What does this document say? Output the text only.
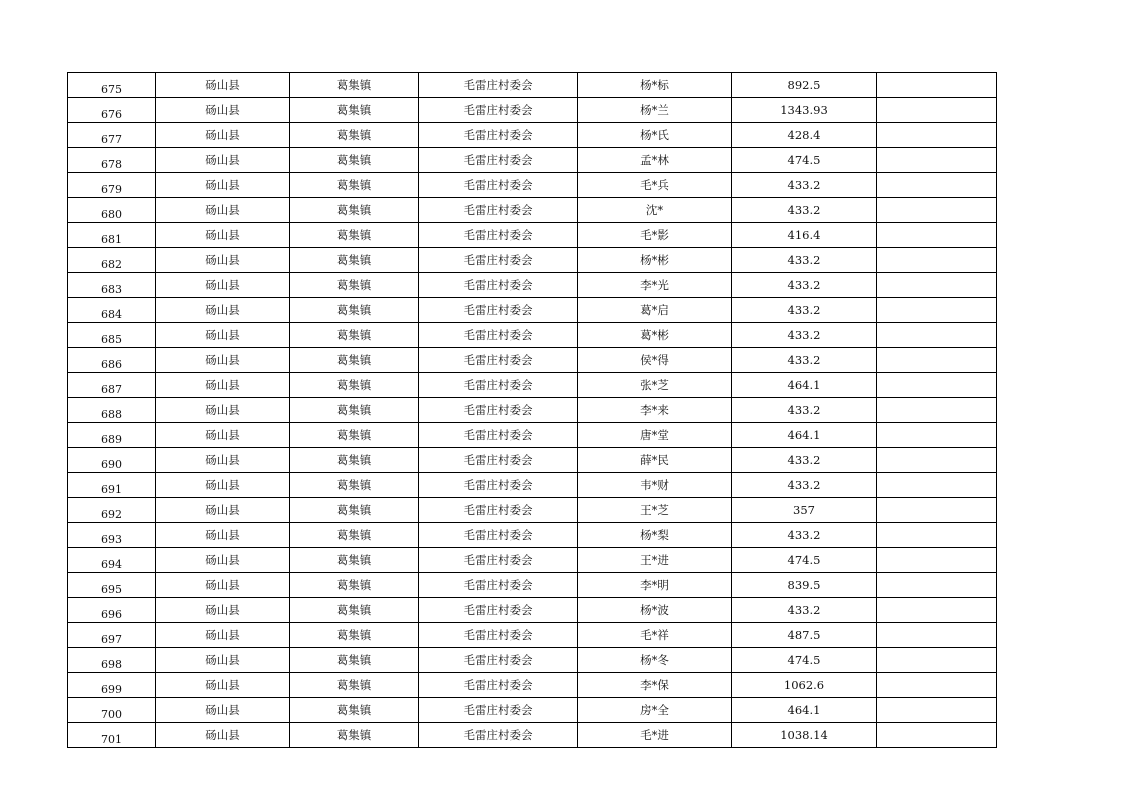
675	砀山县	葛集镇	毛雷庄村委会	杨*标	892.5	
676	砀山县	葛集镇	毛雷庄村委会	杨*兰	1343.93	
677	砀山县	葛集镇	毛雷庄村委会	杨*氏	428.4	
678	砀山县	葛集镇	毛雷庄村委会	孟*林	474.5	
679	砀山县	葛集镇	毛雷庄村委会	毛*兵	433.2	
680	砀山县	葛集镇	毛雷庄村委会	沈*	433.2	
681	砀山县	葛集镇	毛雷庄村委会	毛*影	416.4	
682	砀山县	葛集镇	毛雷庄村委会	杨*彬	433.2	
683	砀山县	葛集镇	毛雷庄村委会	李*光	433.2	
684	砀山县	葛集镇	毛雷庄村委会	葛*启	433.2	
685	砀山县	葛集镇	毛雷庄村委会	葛*彬	433.2	
686	砀山县	葛集镇	毛雷庄村委会	侯*得	433.2	
687	砀山县	葛集镇	毛雷庄村委会	张*芝	464.1	
688	砀山县	葛集镇	毛雷庄村委会	李*来	433.2	
689	砀山县	葛集镇	毛雷庄村委会	唐*堂	464.1	
690	砀山县	葛集镇	毛雷庄村委会	薛*民	433.2	
691	砀山县	葛集镇	毛雷庄村委会	韦*财	433.2	
692	砀山县	葛集镇	毛雷庄村委会	王*芝	357	
693	砀山县	葛集镇	毛雷庄村委会	杨*梨	433.2	
694	砀山县	葛集镇	毛雷庄村委会	王*进	474.5	
695	砀山县	葛集镇	毛雷庄村委会	李*明	839.5	
696	砀山县	葛集镇	毛雷庄村委会	杨*波	433.2	
697	砀山县	葛集镇	毛雷庄村委会	毛*祥	487.5	
698	砀山县	葛集镇	毛雷庄村委会	杨*冬	474.5	
699	砀山县	葛集镇	毛雷庄村委会	李*保	1062.6	
700	砀山县	葛集镇	毛雷庄村委会	房*全	464.1	
701	砀山县	葛集镇	毛雷庄村委会	毛*进	1038.14	
